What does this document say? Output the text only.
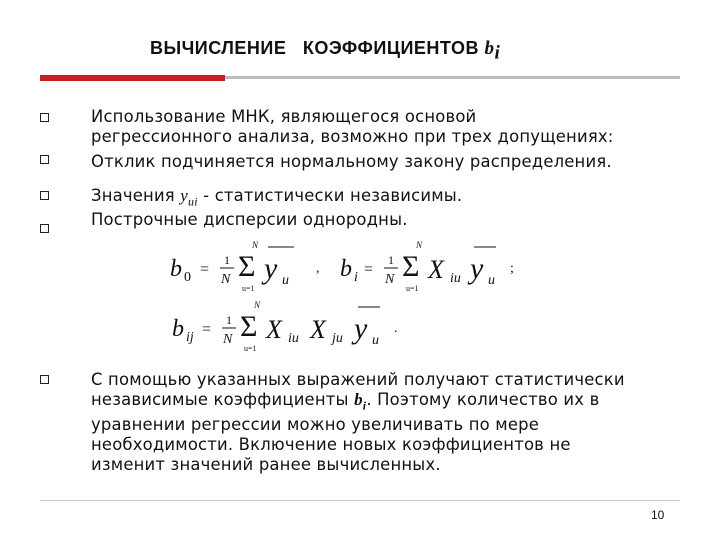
ВЫЧИСЛЕНИЕ   КОЭФФИЦИЕНТОВ $b_i$
Использование МНК, являющегося основой
регрессионного анализа, возможно при трех допущениях:
Отклик подчиняется нормальному закону распределения.
Значения $y_{ui}$ - статистически независимы.
Построчные дисперсии однородны.
С помощью указанных выражений получают статистически
независимые коэффициенты $b_i$. Поэтому количество их в
уравнении регрессии можно увеличивать по мере
необходимости. Включение новых коэффициентов не
изменит значений ранее вычисленных.
b 0 =
1
N
N
Σ
u=1
y u
, b i =
1
N
N
Σ
u=1
X iu y u
;
b ij =
1
N
N
Σ
u=1
X iu X ju y u
.
10
